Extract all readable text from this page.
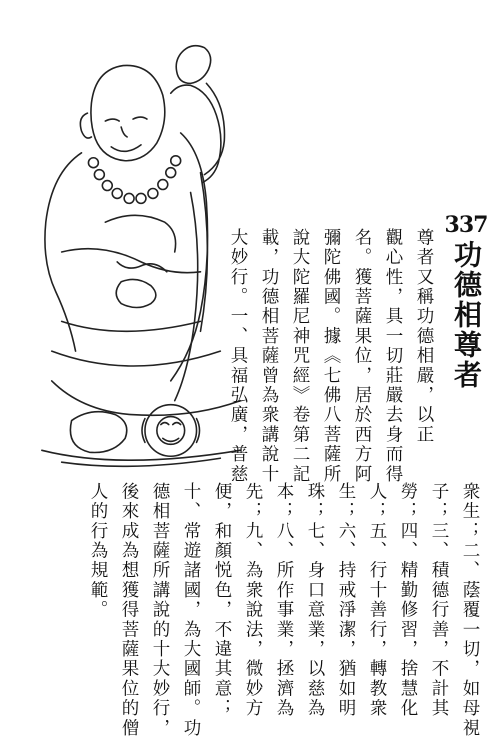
337
功德相尊者
尊者又稱功德相嚴，以正
觀心性，具一切莊嚴去身而得
名。獲菩薩果位，居於西方阿
彌陀佛國。據《七佛八菩薩所
說大陀羅尼神咒經》卷第二記
載，功德相菩薩曾為衆講說十
大妙行。一、具福弘廣，普慈
衆生；二、蔭覆一切，如母視
子；三、積德行善，不計其
勞；四、精勤修習，捨慧化
人；五、行十善行，轉教衆
生；六、持戒淨潔，猶如明
珠；七、身口意業，以慈為
本；八、所作事業，拯濟為
先；九、為衆說法，微妙方
便，和顏悦色，不違其意；
十、常遊諸國，為大國師。功
德相菩薩所講說的十大妙行，
後來成為想獲得菩薩果位的僧
人的行為規範。
